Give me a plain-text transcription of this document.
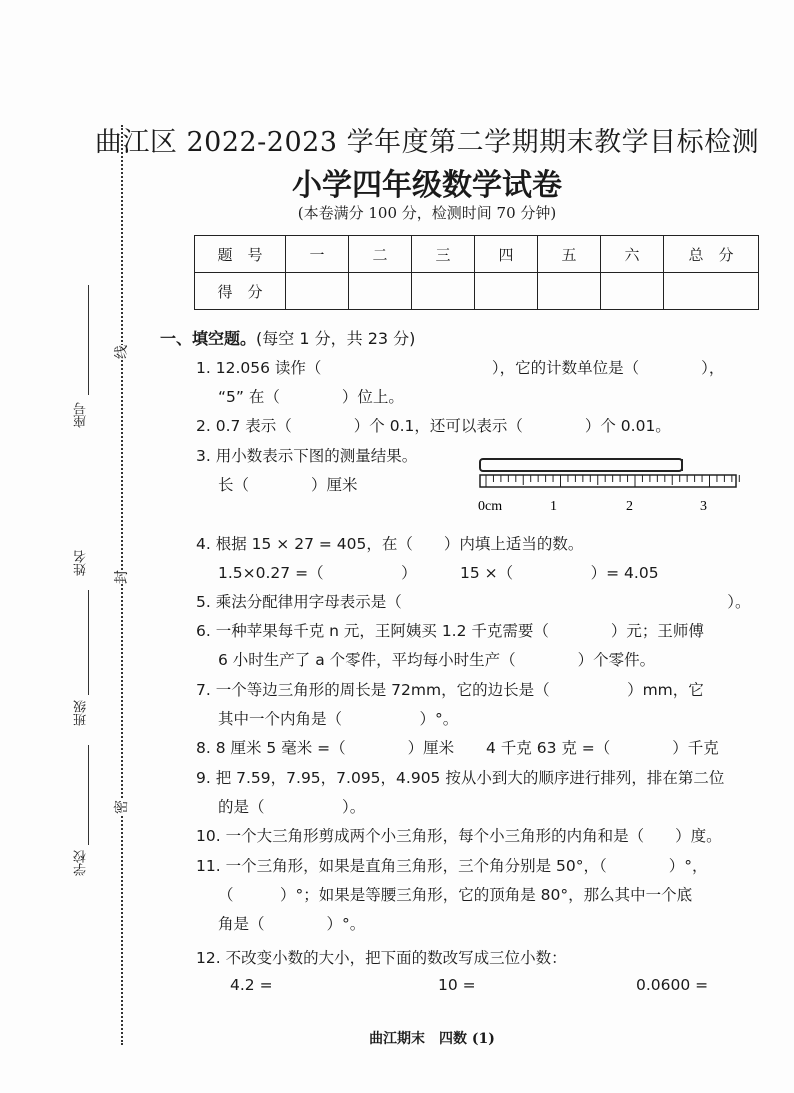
座号
姓名
班级
学校
线
封
密
曲江区 2022-2023 学年度第二学期期末教学目标检测
小学四年级数学试卷
(本卷满分 100 分，检测时间 70 分钟)
题　号	一	二	三	四	五	六	总　分
得　分							
一、填空题。(每空 1 分，共 23 分)
1. 12.056 读作（　　　　　　　　　　　），它的计数单位是（　　　　），
“5” 在（　　　　）位上。
2. 0.7 表示（　　　　）个 0.1，还可以表示（　　　　）个 0.01。
3. 用小数表示下图的测量结果。
长（　　　　）厘米
0cm	1	2	3
4. 根据 15 × 27 = 405，在（　　）内填上适当的数。
1.5×0.27 =（　　　　　）	15 ×（　　　　　）= 4.05
5. 乘法分配律用字母表示是（　　　　　　　　　　　　　　　　　　　　　）。
6. 一种苹果每千克 n 元，王阿姨买 1.2 千克需要（　　　　）元；王师傅
6 小时生产了 a 个零件，平均每小时生产（　　　　）个零件。
7. 一个等边三角形的周长是 72mm，它的边长是（　　　　　）mm，它
其中一个内角是（　　　　　）°。
8. 8 厘米 5 毫米 =（　　　　）厘米 4 千克 63 克 =（　　　　）千克
9. 把 7.59，7.95，7.095，4.905 按从小到大的顺序进行排列，排在第二位
的是（　　　　　）。
10. 一个大三角形剪成两个小三角形，每个小三角形的内角和是（　　）度。
11. 一个三角形，如果是直角三角形，三个角分别是 50°，（　　　　）°，
（　　　）°；如果是等腰三角形，它的顶角是 80°，那么其中一个底
角是（　　　　）°。
12. 不改变小数的大小，把下面的数改写成三位小数：
4.2 =	10 =	0.0600 =
曲江期末　四数 (1)
